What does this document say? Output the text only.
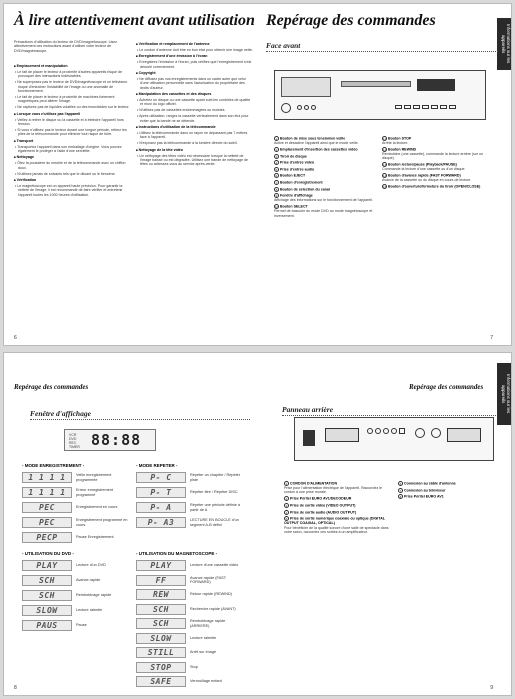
À lire attentivement avant utilisation Repérage des commandes
Informations sur les appareils
Face avant

Précautions d'utilisation du lecteur de DVD/magnétoscope. Lisez attentivement ces instructions avant d'utiliser votre lecteur de DVD/magnétoscope.

■ Emplacement et manipulation

• Le fait de placer le lecteur à proximité d'autres appareils risque de provoquer des interactions indésirables.

• Ne superposez pas le lecteur de DVD/magnétoscope et un téléviseur risque d'entraîner l'instabilité de l'image ou une anomalie de fonctionnement.

• Le fait de placer le lecteur à proximité de machines fortement magnétiques peut altérer l'image.

• Ne capturez pas de liquides volatiles ou des insecticides sur le lecteur.

■ Lorsque vous n'utilisez pas l'appareil

• Veillez à retirer le disque ou la cassette et à éteindre l'appareil hors tension.

• Si vous n'utilisez pas le lecteur durant une longue période, retirez les piles de la télécommande pour éliminer tout risque de fuite.

■ Transport

• Transportez l'appareil dans son emballage d'origine. Vous pouvez également le protéger à l'aide d'une serviette.

■ Nettoyage

• Ôtez la poussière du meuble et de la télécommande avec un chiffon doux.

• N'utilisez jamais de solvants tels que le diluant ou le benzène.

■ Vérification

• Le magnétoscope est un appareil haute précision. Pour garantir la netteté de l'image, il est recommandé de faire vérifier et entretenir l'appareil toutes les 1000 heures d'utilisation.

■ Vérification et remplacement de l'antenne

• Le cordon d'antenne doit être en bon état pour obtenir une image nette.

■ Enregistrement d'une émission à l'écran

• Enregistrez l'émission à l'écran, puis vérifiez que l'enregistrement s'est déroulé correctement.

■ Copyright

• Ne diffusez pas vos enregistrements dans un cadre autre que celui d'une utilisation personnelle sans l'autorisation du propriétaire des droits d'auteur.

■ Manipulation des cassettes et des disques

• Achetez un disque ou une cassette ayant subi les contrôles de qualité et muni du logo officiel.

• N'utilisez pas de cassettes endommagées ou moisies.

• Après utilisation, rangez la cassette verticalement dans son étui pour éviter que la bande ne se détende.

■ Instructions d'utilisation de la télécommande

• Utilisez la télécommande dans un rayon ne dépassant pas 7 mètres face à l'appareil.

• N'exposez pas la télécommande à la lumière directe du soleil.

■ Nettoyage de la tête vidéo

• Un nettoyage des têtes vidéo est nécessaire lorsque la netteté de l'image baisse ou est dégradée. Utilisez une bande de nettoyage de têtes ou adressez-vous au service après-vente.

1 Bouton de mise sous tension/en veille
Active et désactive l'appareil ainsi que le mode veille.
2 Emplacement d'insertion des cassettes vidéo
3 Tiroir de disque
4 Prise d'entrée vidéo
5 Prise d'entrée audio
6 Bouton EJECT
7 Bouton d'enregistrement
8 Bouton de sélection du canal
9 Fenêtre d'affichage
Affichage des informations sur le fonctionnement de l'appareil.
10 Bouton SELECT
Permet de basculer du mode DVD au mode magnétoscope et inversement.
11 Bouton STOP
Arrête la lecture.
12 Bouton REWIND
Rembobine (une cassette), commande la lecture arrière (sur un disque).
13 Bouton lecture/pause (Playback/PAUSE)
Commande la lecture d'une cassette ou d'un disque.
14 Bouton d'avance rapide (FAST FORWARD)
Avance de la cassette ou du disque en cours de lecture.
15 Bouton d'ouverture/fermeture du tiroir (OPEN/CLOSE)
6	7
Repérage des commandes	Repérage des commandes	Informations sur les appareils
Fenêtre d'affichage	Panneau arrière
VCR
DVD
REC
TIMER 88:88
- MODE ENREGISTREMENT -	- MODE REPETER -
1 1 1 1	Veille enregistrement programmée
1 1 1 1	Erreur enregistrement programmé
PEC	Enregistrement en cours
PEC	Enregistrement programmé en cours
PECP	Pause Enregistrement
P- C	Répéter un chapitre / Répéter piste
P- T	Répéter titre / Répéter DISC
P- A	Répéter une période définie à partir de A
P- A3	LECTURE EN BOUCLE d'un segment A-B défini
- UTILISATION DU DVD -	- UTILISATION DU MAGNETOSCOPE -
PLAY	Lecture d'un DVD
SCH	Avance rapide
SCH	Rembobinage rapide
SLOW	Lecture ralentie
PAUS	Pause
PLAY	Lecture d'une cassette vidéo
FF	Avance rapide (FAST FORWARD)
REW	Retour rapide (REWIND)
SCH	Recherche rapide (AVANT)
SCH	Rembobinage rapide (ARRIERE)
SLOW	Lecture ralentie
STILL	Arrêt sur image
STOP	Stop
SAFE	Verrouillage enfant
1 CORDON D'ALIMENTATION
Prise pour l'alimentation électrique de l'appareil. Raccordez le cordon à une prise murale.
2 Prise Péritel EURO AV1/DECODEUR
3 Prise de sortie vidéo (VIDEO OUTPUT)
4 Prise de sortie audio (AUDIO OUTPUT)
5 Prise de sortie numérique coaxiale ou optique (DIGITAL OUTPUT COAXIAL, OPTICAL)
Pour bénéficier de la qualité sonore d'une salle de spectacle dans votre salon, raccordez ces sorties à un amplificateur.
6 Connexion au câble d'antenne
7 Connexion au téléviseur
8 Prise Péritel EURO AV1
8	9
